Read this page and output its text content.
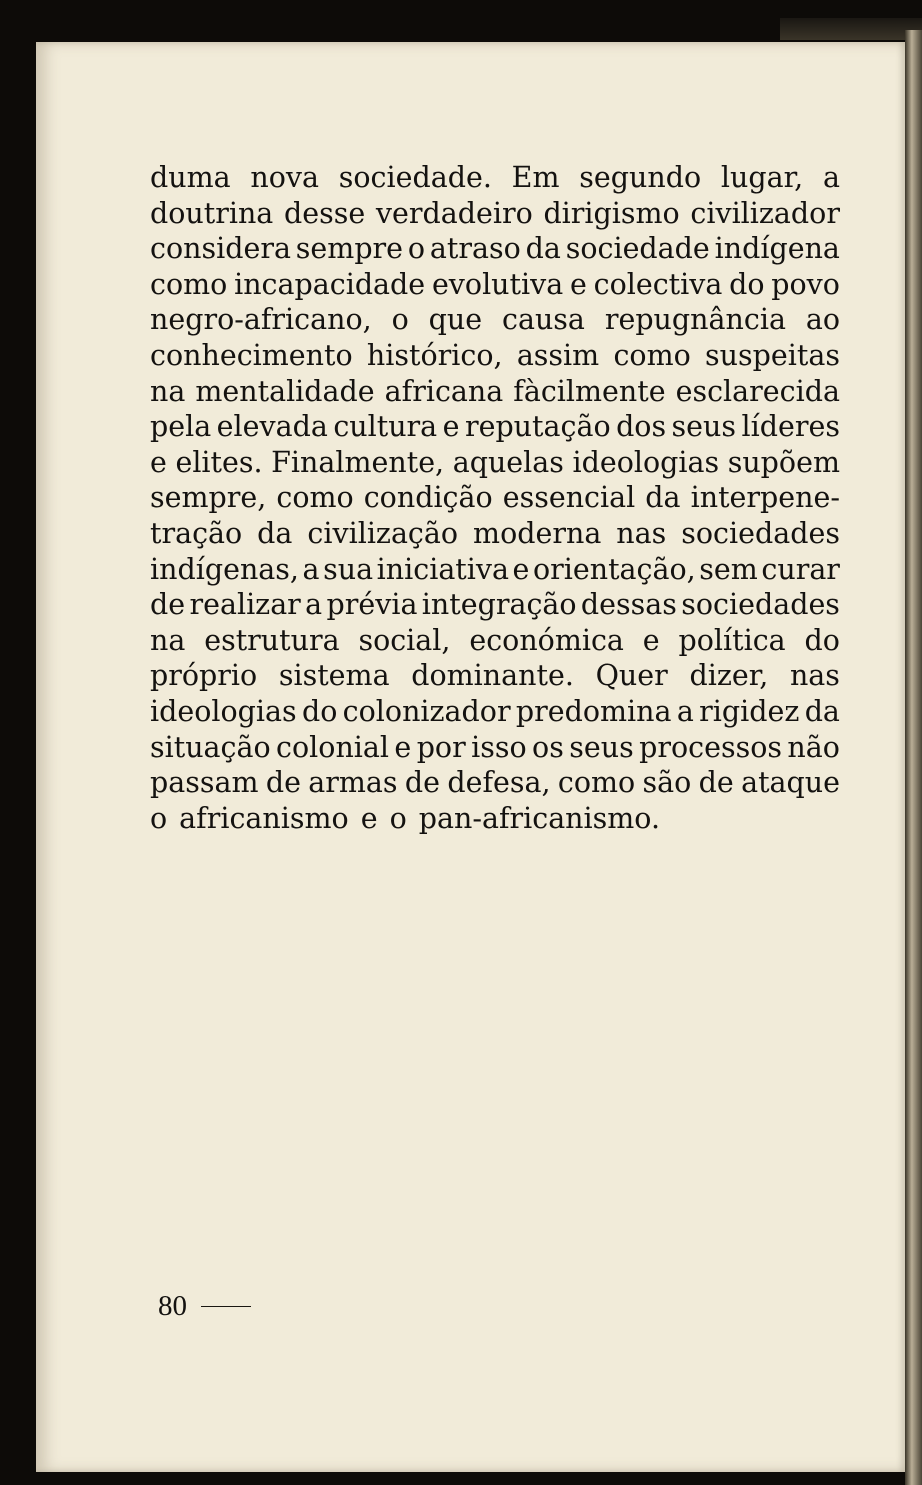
duma nova sociedade. Em segundo lugar, a
doutrina desse verdadeiro dirigismo civilizador
considera sempre o atraso da sociedade indígena
como incapacidade evolutiva e colectiva do povo
negro-africano, o que causa repugnância ao
conhecimento histórico, assim como suspeitas
na mentalidade africana fàcilmente esclarecida
pela elevada cultura e reputação dos seus líderes
e elites. Finalmente, aquelas ideologias supõem
sempre, como condição essencial da interpene-
tração da civilização moderna nas sociedades
indígenas, a sua iniciativa e orientação, sem curar
de realizar a prévia integração dessas sociedades
na estrutura social, económica e política do
próprio sistema dominante. Quer dizer, nas
ideologias do colonizador predomina a rigidez da
situação colonial e por isso os seus processos não
passam de armas de defesa, como são de ataque
o africanismo e o pan-africanismo.
80
